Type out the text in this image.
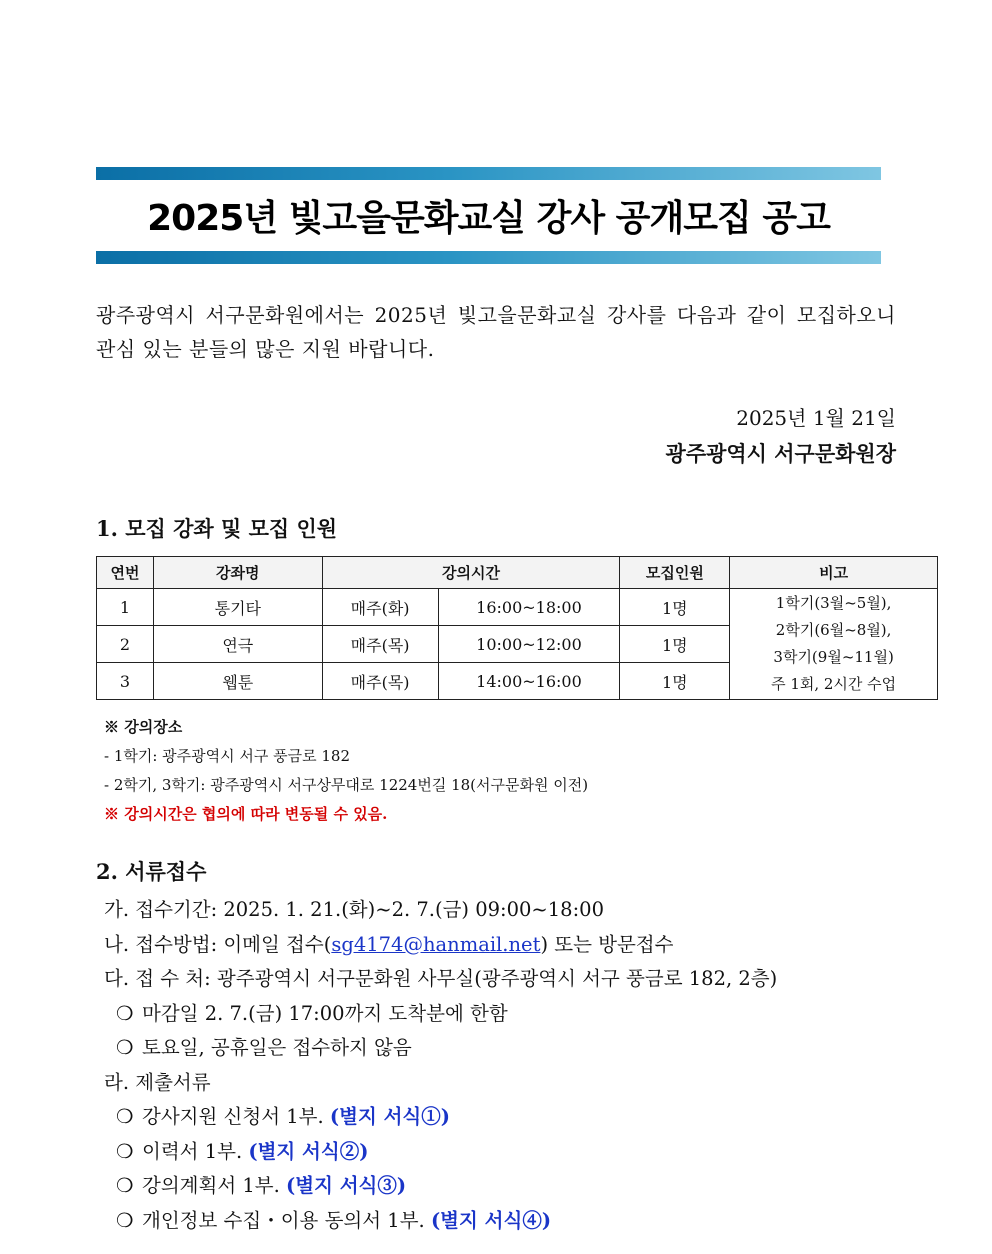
2025년 빛고을문화교실 강사 공개모집 공고

광주광역시 서구문화원에서는 2025년 빛고을문화교실 강사를 다음과 같이 모집하오니 관심 있는 분들의 많은 지원 바랍니다.

2025년 1월 21일
광주광역시 서구문화원장
1. 모집 강좌 및 모집 인원
연번	강좌명	강의시간		모집인원	비고
1	통기타	매주(화)	16:00~18:00	1명	1학기(3월~5월),
2학기(6월~8월),
3학기(9월~11월)
주 1회, 2시간 수업

2	연극	매주(목)	10:00~12:00	1명	
3	웹툰	매주(목)	14:00~16:00	1명	
※ 강의장소
- 1학기: 광주광역시 서구 풍금로 182
- 2학기, 3학기: 광주광역시 서구상무대로 1224번길 18(서구문화원 이전)
※ 강의시간은 협의에 따라 변동될 수 있음.
2. 서류접수
가. 접수기간: 2025. 1. 21.(화)~2. 7.(금) 09:00~18:00
나. 접수방법: 이메일 접수(sg4174@hanmail.net) 또는 방문접수
다. 접 수 처: 광주광역시 서구문화원 사무실(광주광역시 서구 풍금로 182, 2층)
❍ 마감일 2. 7.(금) 17:00까지 도착분에 한함
❍ 토요일, 공휴일은 접수하지 않음
라. 제출서류
❍ 강사지원 신청서 1부. (별지 서식①)
❍ 이력서 1부. (별지 서식②)
❍ 강의계획서 1부. (별지 서식③)
❍ 개인정보 수집・이용 동의서 1부. (별지 서식④)
